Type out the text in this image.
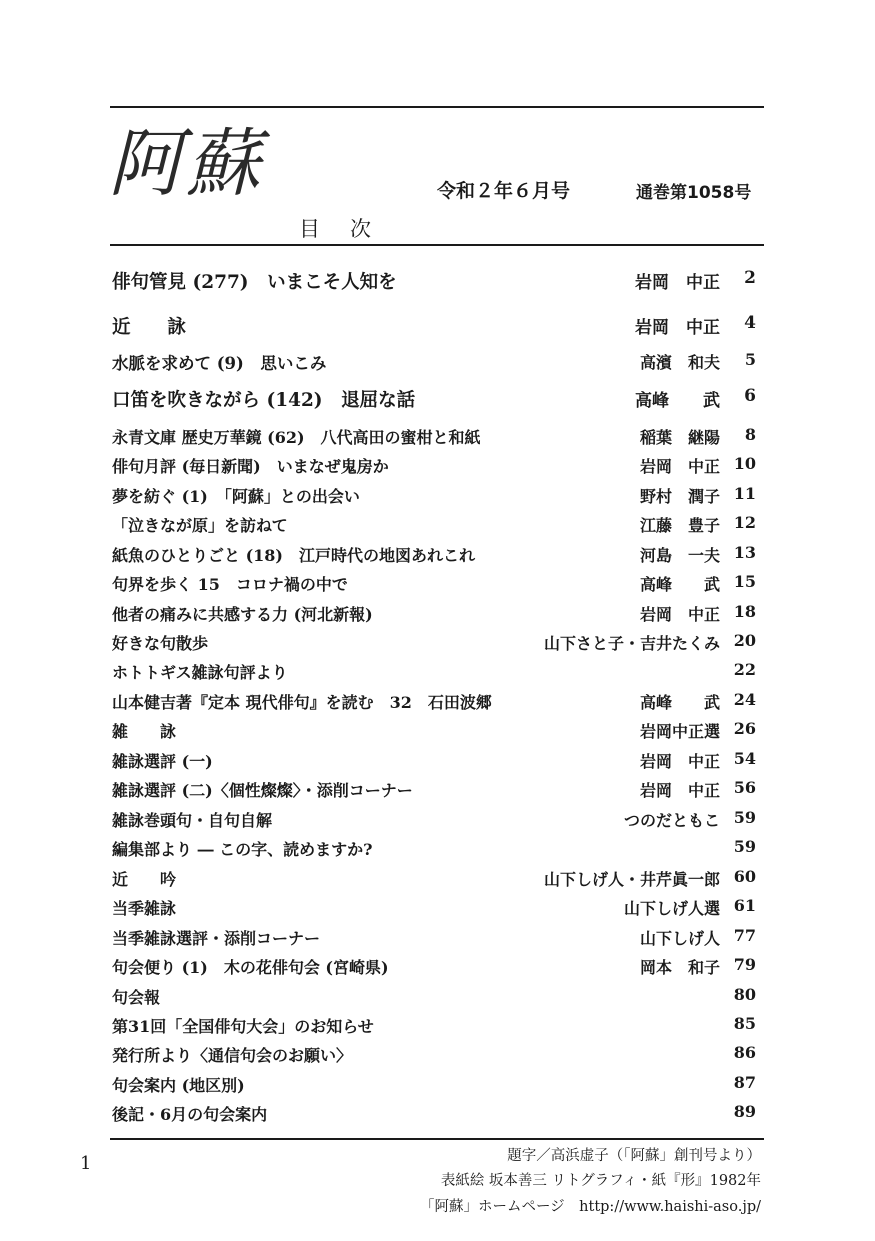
阿蘇	令和２年６月号	通巻第1058号
目次
俳句管見 (277)　いまこそ人知を	岩岡　中正	2
近　　詠	岩岡　中正	4
水脈を求めて (9)　思いこみ	高濱　和夫	5
口笛を吹きながら (142)　退屈な話	高峰　　武	6
永青文庫 歴史万華鏡 (62)　八代高田の蜜柑と和紙	稲葉　継陽	8
俳句月評 (毎日新聞)　いまなぜ鬼房か	岩岡　中正 10
夢を紡ぐ (1)　「阿蘇」との出会い	野村　潤子 11
「泣きなが原」を訪ねて	江藤　豊子 12
紙魚のひとりごと (18)　江戸時代の地図あれこれ	河島　一夫 13
句界を歩く 15　コロナ禍の中で	高峰　　武 15
他者の痛みに共感する力 (河北新報)	岩岡　中正 18
好きな句散歩	山下さと子・吉井たくみ 20
ホトトギス雑詠句評より	22
山本健吉著『定本 現代俳句』を読む　32　石田波郷	高峰　　武 24
雑　　詠	岩岡中正選 26
雑詠選評 (一)	岩岡　中正 54
雑詠選評 (二)〈個性燦燦〉・添削コーナー	岩岡　中正 56
雑詠巻頭句・自句自解	つのだともこ 59
編集部より ― この字、読めますか?	59
近　　吟	山下しげ人・井芹眞一郎 60
当季雑詠	山下しげ人選 61
当季雑詠選評・添削コーナー	山下しげ人 77
句会便り (1)　木の花俳句会 (宮崎県)	岡本　和子 79
句会報	80
第31回「全国俳句大会」のお知らせ	85
発行所より〈通信句会のお願い〉	86
句会案内 (地区別)	87
後記・6月の句会案内	89
1	題字／高浜虚子（「阿蘇」創刊号より）
表紙絵 坂本善三 リトグラフィ・紙『形』1982年
「阿蘇」ホームページ　http://www.haishi-aso.jp/
